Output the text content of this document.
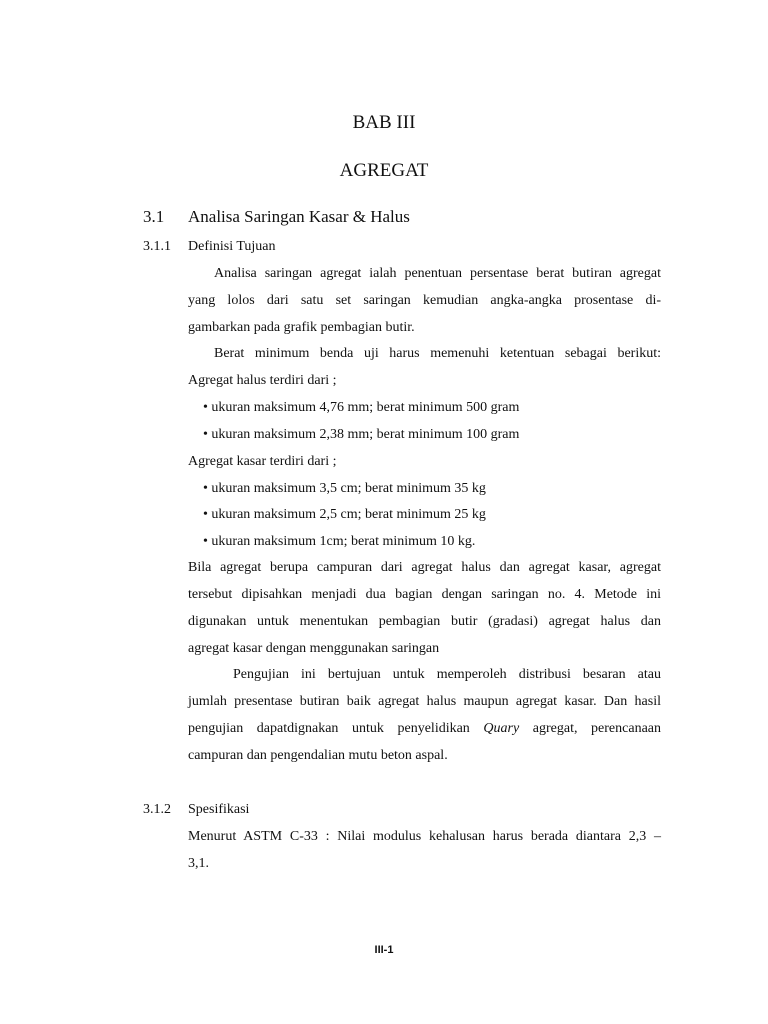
BAB III
AGREGAT
3.1 Analisa Saringan Kasar & Halus
3.1.1 Definisi Tujuan
Analisa saringan agregat ialah penentuan persentase berat butiran agregat
yang lolos dari satu set saringan kemudian angka-angka prosentase di-
gambarkan pada grafik pembagian butir.
Berat minimum benda uji harus memenuhi ketentuan sebagai berikut:
Agregat halus terdiri dari ;
• ukuran maksimum 4,76 mm; berat minimum 500 gram
• ukuran maksimum 2,38 mm; berat minimum 100 gram
Agregat kasar terdiri dari ;
• ukuran maksimum 3,5 cm; berat minimum 35 kg
• ukuran maksimum 2,5 cm; berat minimum 25 kg
• ukuran maksimum 1cm; berat minimum 10 kg.
Bila agregat berupa campuran dari agregat halus dan agregat kasar, agregat
tersebut dipisahkan menjadi dua bagian dengan saringan no. 4. Metode ini
digunakan untuk menentukan pembagian butir (gradasi) agregat halus dan
agregat kasar dengan menggunakan saringan
Pengujian ini bertujuan untuk memperoleh distribusi besaran atau
jumlah presentase butiran baik agregat halus maupun agregat kasar. Dan hasil
pengujian dapatdignakan untuk penyelidikan Quary agregat, perencanaan
campuran dan pengendalian mutu beton aspal.
3.1.2 Spesifikasi
Menurut ASTM C-33 : Nilai modulus kehalusan harus berada diantara 2,3 –
3,1.
III-1
